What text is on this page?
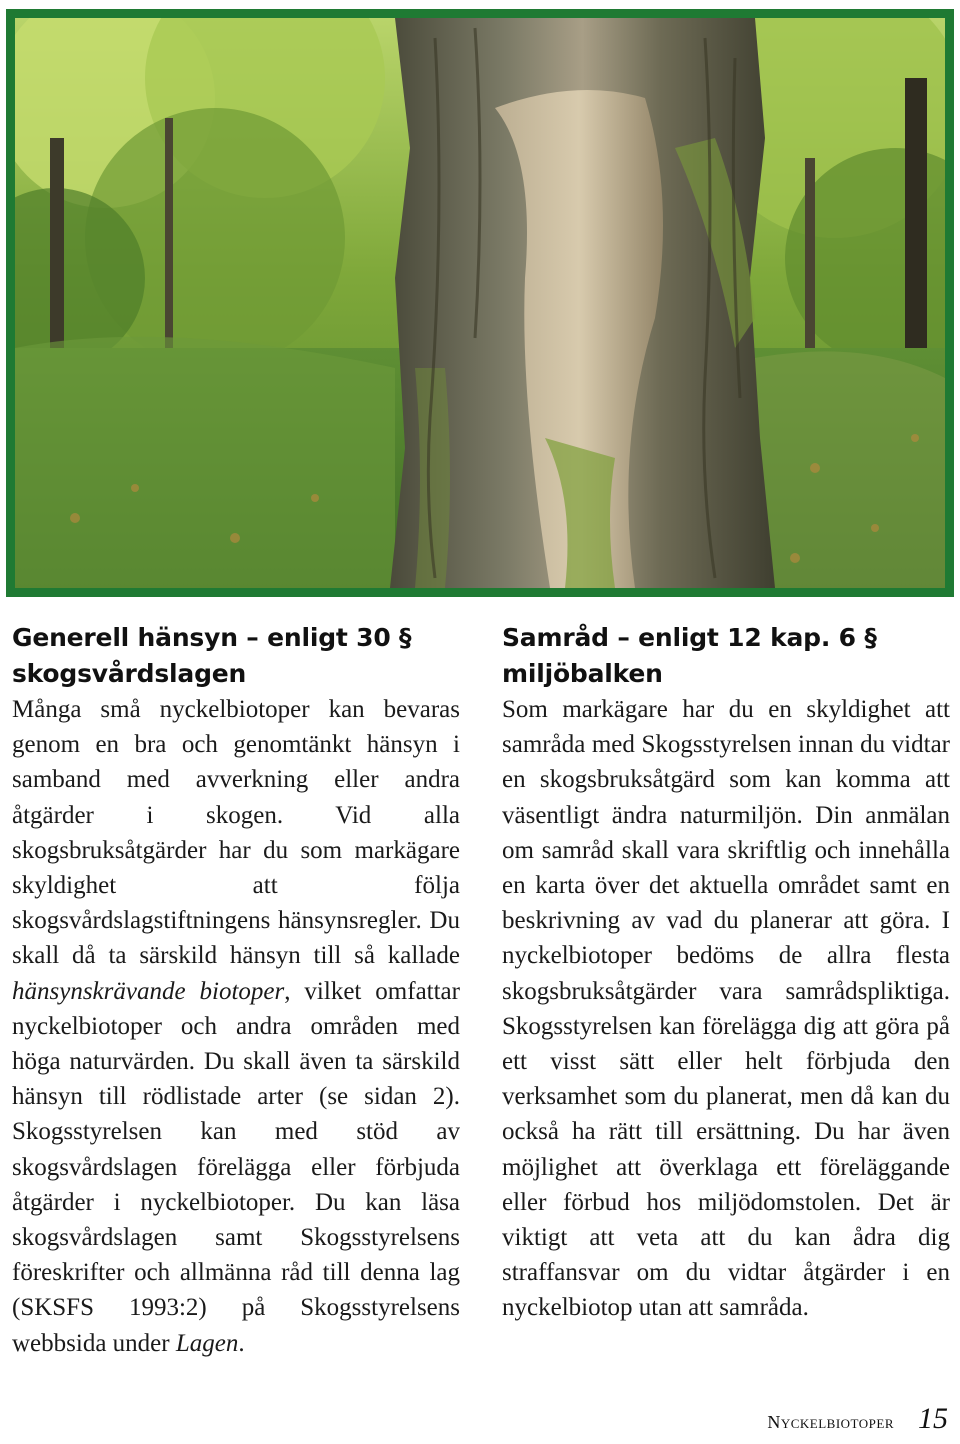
Generell hänsyn – enligt 30 § skogsvårdslagen

Många små nyckelbiotoper kan bevaras genom en bra och genomtänkt hänsyn i samband med avverkning eller andra åtgärder i skogen. Vid alla skogsbruksåtgärder har du som markägare skyldighet att följa skogsvårdslagstiftningens hänsynsregler. Du skall då ta särskild hänsyn till så kallade hänsynskrävande biotoper, vilket omfattar nyckelbiotoper och andra områden med höga naturvärden. Du skall även ta särskild hänsyn till rödlistade arter (se sidan 2). Skogsstyrelsen kan med stöd av skogsvårdslagen förelägga eller förbjuda åtgärder i nyckelbiotoper. Du kan läsa skogsvårdslagen samt Skogsstyrelsens föreskrifter och allmänna råd till denna lag (SKSFS 1993:2) på Skogsstyrelsens webbsida under Lagen.

Samråd – enligt 12 kap. 6 § miljöbalken

Som markägare har du en skyldighet att samråda med Skogsstyrelsen innan du vidtar en skogsbruksåtgärd som kan komma att väsentligt ändra naturmiljön. Din anmälan om samråd skall vara skriftlig och innehålla en karta över det aktuella området samt en beskrivning av vad du planerar att göra. I nyckelbiotoper bedöms de allra flesta skogsbruksåtgärder vara samrådspliktiga. Skogsstyrelsen kan förelägga dig att göra på ett visst sätt eller helt förbjuda den verksamhet som du planerat, men då kan du också ha rätt till ersättning. Du har även möjlighet att överklaga ett föreläggande eller förbud hos miljödomstolen. Det är viktigt att veta att du kan ådra dig straffansvar om du vidtar åtgärder i en nyckelbiotop utan att samråda.

Nyckelbiotoper 15
